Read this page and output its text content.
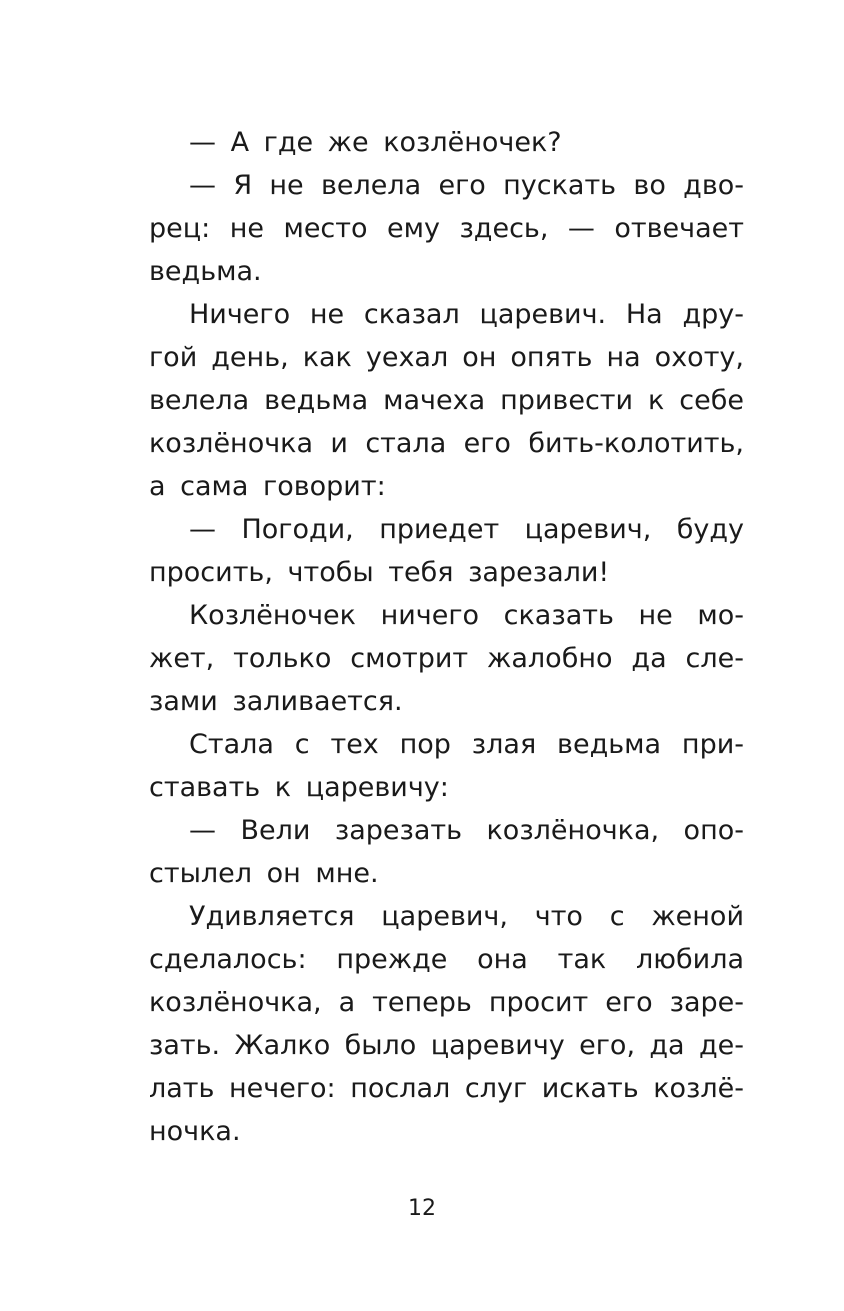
— А где же козлёночек?
— Я не велела его пускать во дво-
рец: не место ему здесь, — отвечает
ведьма.
Ничего не сказал царевич. На дру-
гой день, как уехал он опять на охоту,
велела ведьма мачеха привести к себе
козлёночка и стала его бить-колотить,
а сама говорит:
— Погоди, приедет царевич, буду
просить, чтобы тебя зарезали!
Козлёночек ничего сказать не мо-
жет, только смотрит жалобно да сле-
зами заливается.
Стала с тех пор злая ведьма при-
ставать к царевичу:
— Вели зарезать козлёночка, опо-
стылел он мне.
Удивляется царевич, что с женой
сделалось: прежде она так любила
козлёночка, а теперь просит его заре-
зать. Жалко было царевичу его, да де-
лать нечего: послал слуг искать козлё-
ночка.
12
